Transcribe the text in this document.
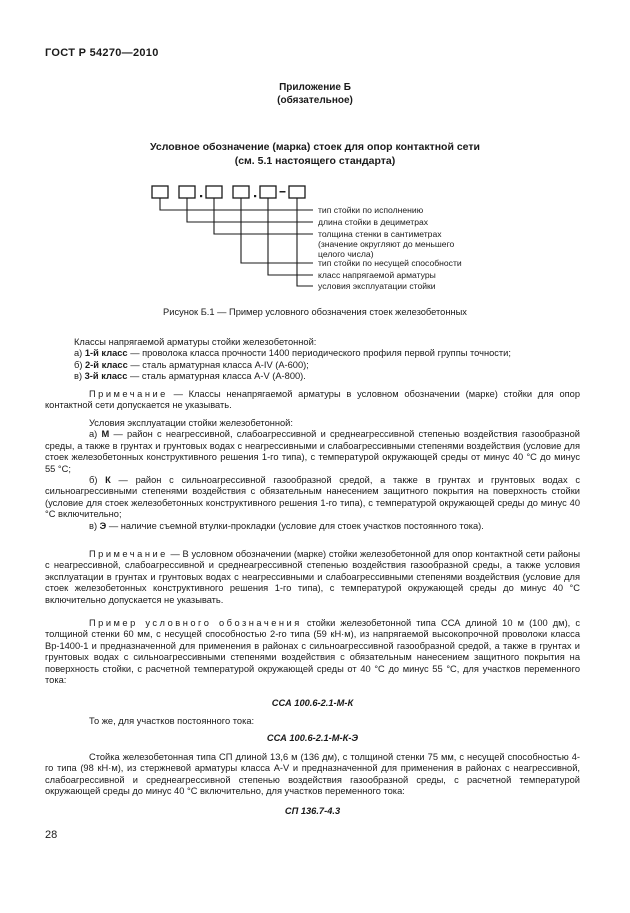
ГОСТ Р 54270—2010
Приложение Б
(обязательное)
Условное обозначение (марка) стоек для опор контактной сети
(см. 5.1 настоящего стандарта)
тип стойки по исполнению
длина стойки в дециметрах
толщина стенки в сантиметрах
(значение округляют до меньшего
целого числа)
тип стойки по несущей способности
класс напрягаемой арматуры
условия эксплуатации стойки
Рисунок Б.1 — Пример условного обозначения стоек железобетонных

Классы напрягаемой арматуры стойки железобетонной:

а) 1-й класс — проволока класса прочности 1400 периодического профиля первой группы точности;

б) 2-й класс — сталь арматурная класса A-IV (A-600);

в) 3-й класс — сталь арматурная класса A-V (A-800).

Примечание — Классы ненапрягаемой арматуры в условном обозначении (марке) стойки для опор контактной сети допускается не указывать.

Условия эксплуатации стойки железобетонной:

а) М — район с неагрессивной, слабоагрессивной и среднеагрессивной степенью воздействия газообразной среды, а также в грунтах и грунтовых водах с неагрессивными и слабоагрессивными степенями воздействия (условие для стоек железобетонных конструктивного решения 1-го типа), с температурой окружающей среды от минус 40 °С до минус 55 °С;

б) К — район с сильноагрессивной газообразной средой, а также в грунтах и грунтовых водах с сильноагрессивными степенями воздействия с обязательным нанесением защитного покрытия на поверхность стойки (условие для стоек железобетонных конструктивного решения 1-го типа), с температурой окружающей среды до минус 40 °С включительно;

в) Э — наличие съемной втулки-прокладки (условие для стоек участков постоянного тока).

Примечание — В условном обозначении (марке) стойки железобетонной для опор контактной сети районы с неагрессивной, слабоагрессивной и среднеагрессивной степенью воздействия газообразной среды, а также условия эксплуатации в грунтах и грунтовых водах с неагрессивными и слабоагрессивными степенями воздействия (условие для стоек железобетонных конструктивного решения 1-го типа), с температурой окружающей среды до минус 40 °С включительно допускается не указывать.

Пример условного обозначения стойки железобетонной типа ССА длиной 10 м (100 дм), с толщиной стенки 60 мм, с несущей способностью 2-го типа (59 кН·м), из напрягаемой высокопрочной проволоки класса Вр-1400-1 и предназначенной для применения в районах с сильноагрессивной газообразной средой, а также в грунтах и грунтовых водах с сильноагрессивными степенями воздействия с обязательным нанесением защитного покрытия на поверхность стойки, с расчетной температурой окружающей среды от 40 °С до минус 55 °С, для участков переменного тока:

ССА 100.6-2.1-М-К

То же, для участков постоянного тока:

ССА 100.6-2.1-М-К-Э

Стойка железобетонная типа СП длиной 13,6 м (136 дм), с толщиной стенки 75 мм, с несущей способностью 4-го типа (98 кН·м), из стержневой арматуры класса A-V и предназначенной для применения в районах с неагрессивной, слабоагрессивной и среднеагрессивной степенью воздействия газообразной среды, с расчетной температурой окружающей среды до минус 40 °С включительно, для участков переменного тока:

СП 136.7-4.3
28
